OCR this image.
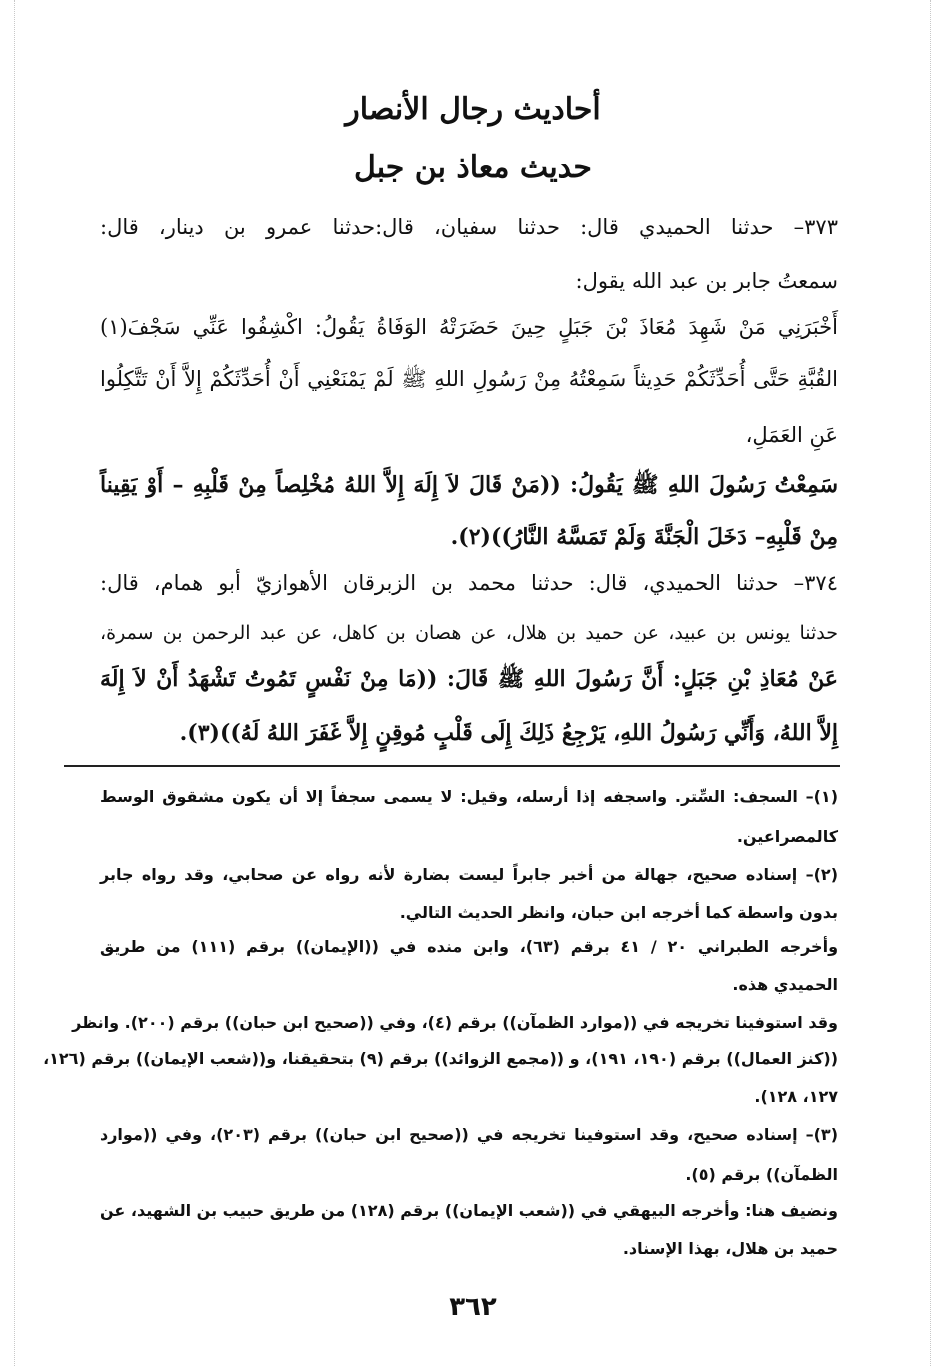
أحاديث رجال الأنصار
حديث معاذ بن جبل
٣٧٣– حدثنا الحميدي قال: حدثنا سفيان، قال:حدثنا عمرو بن دينار، قال:
سمعتُ جابر بن عبد الله يقول:
أَخْبَرَنِي مَنْ شَهِدَ مُعَاذَ بْنَ جَبَلٍ حِينَ حَضَرَتْهُ الوَفَاةُ يَقُولُ: اكْشِفُوا عَنِّي سَجْفَ(١)
القُبَّةِ حَتَّى أُحَدِّثَكُمْ حَدِيثاً سَمِعْتُهُ مِنْ رَسُولِ اللهِ ﷺ لَمْ يَمْنَعْنِي أَنْ أُحَدِّثَكُمْ إِلاَّ أَنْ تَتَّكِلُوا
عَنِ العَمَلِ،
سَمِعْتُ رَسُولَ اللهِ ﷺ يَقُولُ: ((مَنْ قَالَ لاَ إِلَهَ إِلاَّ اللهُ مُخْلِصاً مِنْ قَلْبِهِ – أَوْ يَقِيناً
مِنْ قَلْبِهِ– دَخَلَ الْجَنَّةَ وَلَمْ تَمَسَّهُ النَّارُ))(٢).
٣٧٤– حدثنا الحميدي، قال: حدثنا محمد بن الزبرقان الأهوازيّ أبو همام، قال:
حدثنا يونس بن عبيد، عن حميد بن هلال، عن هصان بن كاهل، عن عبد الرحمن بن سمرة،
عَنْ مُعَاذِ بْنِ جَبَلٍ: أَنَّ رَسُولَ اللهِ ﷺ قَالَ: ((مَا مِنْ نَفْسٍ تَمُوتُ تَشْهَدُ أَنْ لاَ إِلَهَ
إِلاَّ اللهُ، وَأَنِّي رَسُولُ اللهِ، يَرْجِعُ ذَلِكَ إِلَى قَلْبٍ مُوقِنٍ إِلاَّ غَفَرَ اللهُ لَهُ))(٣).
(١)– السجف: السِّتر. واسجفه إذا أرسله، وقيل: لا يسمى سجفاً إلا أن يكون مشقوق الوسط
كالمصراعين.
(٢)– إسناده صحيح، جهالة من أخبر جابراً ليست بضارة لأنه رواه عن صحابي، وقد رواه جابر
بدون واسطة كما أخرجه ابن حبان، وانظر الحديث التالي.
وأخرجه الطبراني ٢٠ / ٤١ برقم (٦٣)، وابن منده في ((الإيمان)) برقم (١١١) من طريق
الحميدي هذه.
وقد استوفينا تخريجه في ((موارد الظمآن)) برقم (٤)، وفي ((صحيح ابن حبان)) برقم (٢٠٠). وانظر
((كنز العمال)) برقم (١٩٠، ١٩١)، و ((مجمع الزوائد)) برقم (٩) بتحقيقنا، و((شعب الإيمان)) برقم (١٢٦،
١٢٧، ١٢٨).
(٣)– إسناده صحيح، وقد استوفينا تخريجه في ((صحيح ابن حبان)) برقم (٢٠٣)، وفي ((موارد
الظمآن)) برقم (٥).
ونضيف هنا: وأخرجه البيهقي في ((شعب الإيمان)) برقم (١٢٨) من طريق حبيب بن الشهيد، عن
حميد بن هلال، بهذا الإسناد.
٣٦٢
